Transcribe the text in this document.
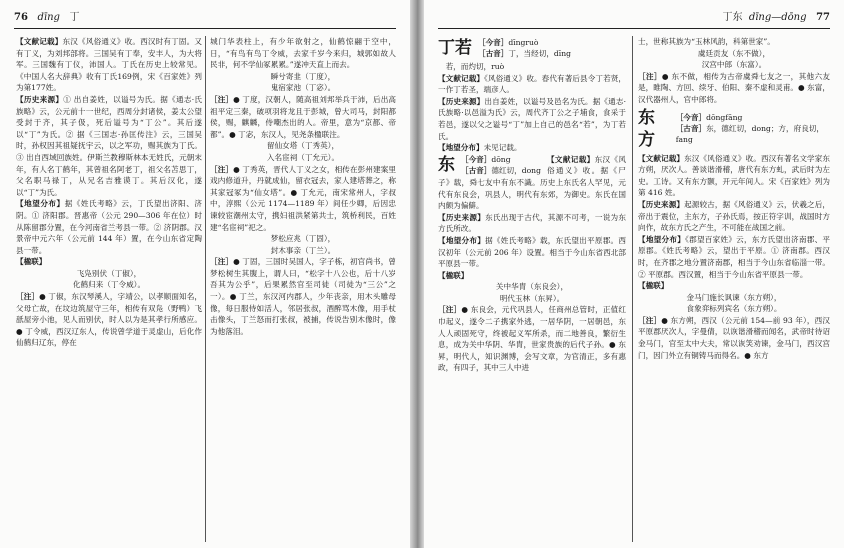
76 dīng 丁

【文献记载】东汉《风俗通义》收。西汉时有丁固。又有丁义，为刘邦部将。三国吴有丁奉，安丰人，为大将军。三国魏有丁仪，沛国人。丁氏在历史上较常见。《中国人名大辞典》收有丁氏169例，宋《百家姓》列为第177姓。

【历史来源】① 出自姜姓，以谥号为氏。据《通志·氏族略》云，公元前十一世纪，西周分封诸侯，姜太公望受封于齐，其子伋，死后谥号为“丁公”。其后遂以“丁”为氏。② 据《三国志·孙匡传注》云，三国吴时，孙权因其祖疑抚宇云，以之军功，赐其族为丁氏。③ 出自西域回族姓。伊斯兰教穆斯林本无姓氏，元朝末年，有人名丁鹤年，其曾祖名阿老丁，祖父名苫思丁，父名职马禄丁，从兄名吉雅谟丁。其后汉化，遂以“丁”为氏。

【地望分布】据《姓氏考略》云，丁氏望出济阳、济阴。① 济阳郡。晋惠帝（公元 290—306 年在位）时从陈留郡分置，在今河南省兰考县一带。② 济阴郡。汉景帝中元六年（公元前 144 年）置，在今山东省定陶县一带。

【楹联】

飞凫别伏（丁俶），

化鹤归来（丁令威）。

［注］● 丁俶，东汉琴溪人，字靖公，以孝顺面知名，父母亡故，在坟边筑屋守三年，相传有双凫（野鸭）飞舐屋旁小池，见人而别伏，时人以为是其孝行所感应。● 丁令威，西汉辽东人，传说曾学道于灵虚山，后化作仙鹤归辽东，停在

城门华表柱上，有少年欲射之，仙鹤惊翮于空中，日，“有鸟有鸟丁令威，去家千岁今来归，城郭如故人民非，何不学仙冢累累。”遂冲天直上而去。

瞬兮寄韭（丁度），

鬼宿家池（丁宓）。

［注］● 丁度，汉朝人，随高祖刘邦举兵于沛，后出高祖平定三秦，破项羽将龙且于彭城，曾大司马，封阳都侯，赐，麒麟，侍嘲杰出的人。帝里，意为“京都、帝都”。● 丁宓，东汉人，见尧条楹联注。

留仙女塔（丁秀英），

入名宦祠（丁允元）。

［注］● 丁秀英，晋代人丁义之女，相传在彭州建案里戏内修道升，丹就成仙，留衣冠去，家人建塔葬之，称其家冠冢为“仙女塔”。● 丁允元，南宋常州人，字叔中，淳熙（公元 1174—1189 年）间任少卿，后因忠谏较宦潮州太守，携妇祖洪紧第共士，筑桥利民，百姓建“名宦祠”祀之。

梦松应兆（丁固），

封木事亲（丁兰）。

［注］● 丁固，三国时吴国人，字子栋，初官尚书，曾梦松树生其腹上，谓人曰，“松字十八公也，后十八岁吾其为公乎”，后果累然官至司徒（司徒为“三公”之一）。● 丁兰，东汉河内郡人，少年丧亲，用木头雕母像，每日服侍如活人，邻居张叔，酒醉骂木像，用手杖击像头，丁兰怒而打张叔，被捕，传说告别木像时，像为他落泪。

丁东 dīng—dōng 77
丁若 ［今音］dīngruò
［古音］丁，当经切，dīng

若，而灼切，ruò

【文献记载】《风俗通义》收。春代有著后县令丁若贤，一作丁若圣，端彦人。

【历史来源】出自姜姓，以谥号及邑名为氏。据《通志·氏族略·以邑溢为氏》云，周代齐丁公之子埔食，食采于若邑，遂以父之谥号“丁”加上自己的邑名“若”，为丁若氏。

【地望分布】未见记载。

东 ［今音］dōng
［古音］德红切，dong

【文献记载】东汉《风俗通义》收。据《尸子》载，舜七友中有东不識。历史上东氏名人罕见，元代有东良会，巩县人，明代有东郊，为御史。东氏在国内颇为偏僻。

【历史来源】东氏出现于古代，其源不可考，一说为东方氏所改。

【地望分布】据《姓氏考略》载，东氏望出平原郡。西汉初年（公元前 206 年）设置。相当于今山东省西北部平原县一带。

【楹联】

关中华胄（东良会），

明代玉林（东昇）。

［注］● 东良会，元代巩县人，任商州总管时，正值红巾起义，遂令二子携家外逃，一居华阴，一居朝邑，东人人顽固死守，终被起义军所杀，而二地善良，繁衍生息，成为关中华阴、华胄，世家贵族的后代子孙。● 东昇，明代人，知识渊博，会写文章，为官清正，多有惠政，有四子，其中三人中进

士，世称其族为“玉林风韵，科第世家”。

虞廷贡友（东不做），

汉宫中郎（东富）。

［注］● 东不做，相传为古帝虞舜七友之一，其他六友是，睢陶、方回、续牙、伯阳、秦不虚和灵甫。● 东富，汉代器州人，官中郎将。

东方
［今音］dōngfāng
［古音］东，德红切，dong；方，府良切，fang

【文献记载】东汉《风俗通义》收。西汉有著名文学家东方朔，厌次人。善谈谐滑稽，唐代有东方虬，武后时为左史。工诗。又有东方颢，开元年间人。宋《百家姓》列为第 416 姓。

【历史来源】起源较古，据《风俗通义》云，伏羲之后，帝出于震位，主东方，子孙氏焉，按正符字训，战国时方向作，故东方氏之产生，不可能在战国之前。

【地望分布】《郡望百家姓》云，东方氏望出济南郡、平原郡。《姓氏考略》云，望出于平原。① 济南郡。西汉时，在齐郡之地分置济南郡，相当于今山东省临淄一带。② 平原郡。西汉置，相当于今山东省平原县一带。

【楹联】

金马门施长讽谏（东方朔），

食象弈标列宾名（东方朔）。

［注］● 东方朔，西汉（公元前 154—前 93 年），西汉平原郡厌次人，字曼倩，以诙谐滑稽而闻名，武帝时待诏金马门，官至太中大夫，常以诙笑劝谏，金马门，西汉宫门，因门外立有铜铸马而得名。● 东方
